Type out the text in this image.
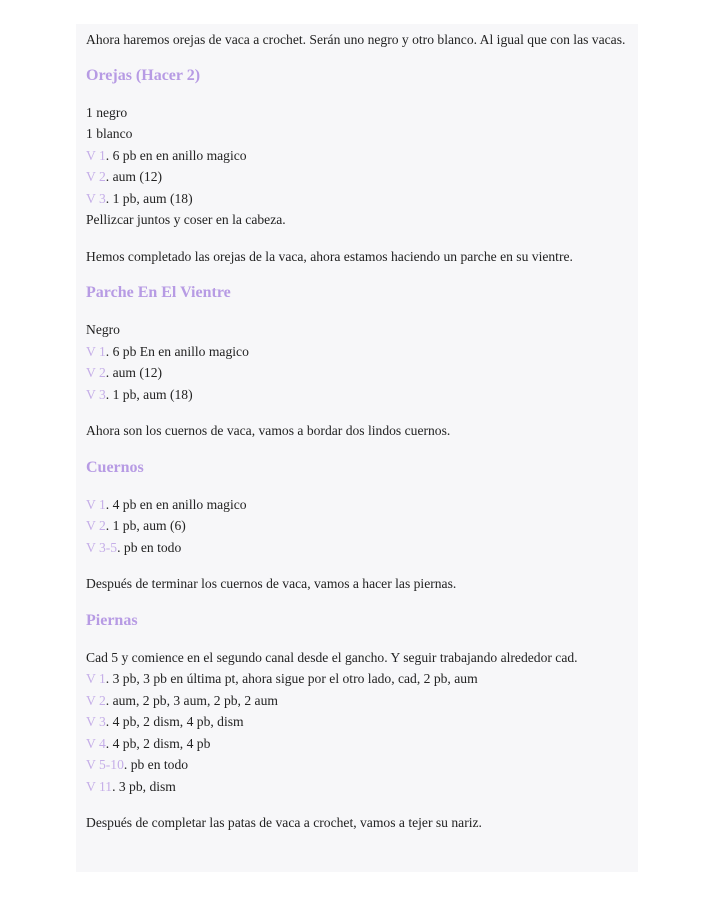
Ahora haremos orejas de vaca a crochet. Serán uno negro y otro blanco. Al igual que con las vacas.

Orejas (Hacer 2)
1 negro
1 blanco
V 1. 6 pb en en anillo magico
V 2. aum (12)
V 3. 1 pb, aum (18)
Pellizcar juntos y coser en la cabeza.

Hemos completado las orejas de la vaca, ahora estamos haciendo un parche en su vientre.

Parche En El Vientre
Negro
V 1. 6 pb En en anillo magico
V 2. aum (12)
V 3. 1 pb, aum (18)

Ahora son los cuernos de vaca, vamos a bordar dos lindos cuernos.

Cuernos
V 1. 4 pb en en anillo magico
V 2. 1 pb, aum (6)
V 3-5. pb en todo

Después de terminar los cuernos de vaca, vamos a hacer las piernas.

Piernas
Cad 5 y comience en el segundo canal desde el gancho. Y seguir trabajando alrededor cad.
V 1. 3 pb, 3 pb en última pt, ahora sigue por el otro lado, cad, 2 pb, aum
V 2. aum, 2 pb, 3 aum, 2 pb, 2 aum
V 3. 4 pb, 2 dism, 4 pb, dism
V 4. 4 pb, 2 dism, 4 pb
V 5-10. pb en todo
V 11. 3 pb, dism

Después de completar las patas de vaca a crochet, vamos a tejer su nariz.
